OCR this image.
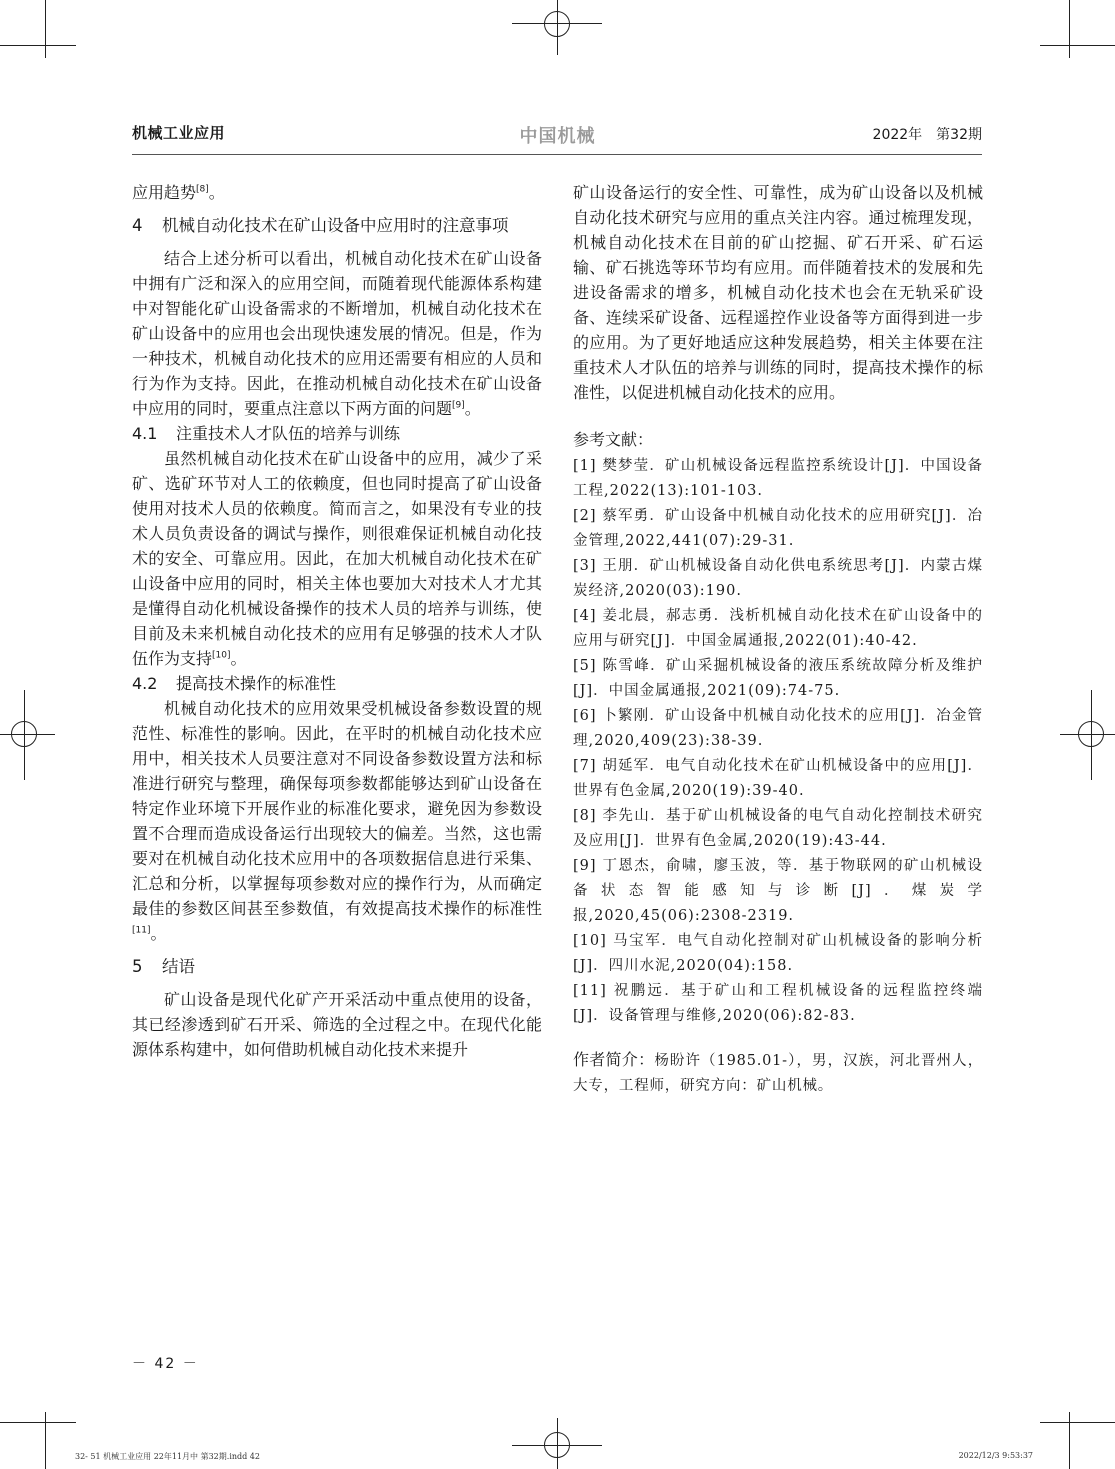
机械工业应用	中国机械	2022年　第32期

应用趋势[8]。

4 机械自动化技术在矿山设备中应用时的注意事项

结合上述分析可以看出，机械自动化技术在矿山设备中拥有广泛和深入的应用空间，而随着现代能源体系构建中对智能化矿山设备需求的不断增加，机械自动化技术在矿山设备中的应用也会出现快速发展的情况。但是，作为一种技术，机械自动化技术的应用还需要有相应的人员和行为作为支持。因此，在推动机械自动化技术在矿山设备中应用的同时，要重点注意以下两方面的问题[9]。

4.1 注重技术人才队伍的培养与训练

虽然机械自动化技术在矿山设备中的应用，减少了采矿、选矿环节对人工的依赖度，但也同时提高了矿山设备使用对技术人员的依赖度。简而言之，如果没有专业的技术人员负责设备的调试与操作，则很难保证机械自动化技术的安全、可靠应用。因此，在加大机械自动化技术在矿山设备中应用的同时，相关主体也要加大对技术人才尤其是懂得自动化机械设备操作的技术人员的培养与训练，使目前及未来机械自动化技术的应用有足够强的技术人才队伍作为支持[10]。

4.2 提高技术操作的标准性

机械自动化技术的应用效果受机械设备参数设置的规范性、标准性的影响。因此，在平时的机械自动化技术应用中，相关技术人员要注意对不同设备参数设置方法和标准进行研究与整理，确保每项参数都能够达到矿山设备在特定作业环境下开展作业的标准化要求，避免因为参数设置不合理而造成设备运行出现较大的偏差。当然，这也需要对在机械自动化技术应用中的各项数据信息进行采集、汇总和分析，以掌握每项参数对应的操作行为，从而确定最佳的参数区间甚至参数值，有效提高技术操作的标准性[11]。

5 结语

矿山设备是现代化矿产开采活动中重点使用的设备，其已经渗透到矿石开采、筛选的全过程之中。在现代化能源体系构建中，如何借助机械自动化技术来提升

矿山设备运行的安全性、可靠性，成为矿山设备以及机械自动化技术研究与应用的重点关注内容。通过梳理发现，机械自动化技术在目前的矿山挖掘、矿石开采、矿石运输、矿石挑选等环节均有应用。而伴随着技术的发展和先进设备需求的增多，机械自动化技术也会在无轨采矿设备、连续采矿设备、远程遥控作业设备等方面得到进一步的应用。为了更好地适应这种发展趋势，相关主体要在注重技术人才队伍的培养与训练的同时，提高技术操作的标准性，以促进机械自动化技术的应用。

参考文献：

[1] 樊梦莹．矿山机械设备远程监控系统设计[J]．中国设备工程,2022(13):101-103.

[2] 蔡军勇．矿山设备中机械自动化技术的应用研究[J]．冶金管理,2022,441(07):29-31.

[3] 王朋．矿山机械设备自动化供电系统思考[J]．内蒙古煤炭经济,2020(03):190.

[4] 姜北晨，郝志勇．浅析机械自动化技术在矿山设备中的应用与研究[J]．中国金属通报,2022(01):40-42.

[5] 陈雪峰．矿山采掘机械设备的液压系统故障分析及维护[J]．中国金属通报,2021(09):74-75.

[6] 卜繁刚．矿山设备中机械自动化技术的应用[J]．冶金管理,2020,409(23):38-39.

[7] 胡延军．电气自动化技术在矿山机械设备中的应用[J]．世界有色金属,2020(19):39-40.

[8] 李先山．基于矿山机械设备的电气自动化控制技术研究及应用[J]．世界有色金属,2020(19):43-44.

[9] 丁恩杰，俞啸，廖玉波，等．基于物联网的矿山机械设备状态智能感知与诊断[J]．煤炭学报,2020,45(06):2308-2319.

[10] 马宝军．电气自动化控制对矿山机械设备的影响分析[J]．四川水泥,2020(04):158.

[11] 祝鹏远．基于矿山和工程机械设备的远程监控终端[J]．设备管理与维修,2020(06):82-83.

作者简介：杨盼许（1985.01-），男，汉族，河北晋州人，大专，工程师，研究方向：矿山机械。

－ 42 －
32- 51 机械工业应用 22年11月中 第32期.indd 42	2022/12/3 9:53:37
